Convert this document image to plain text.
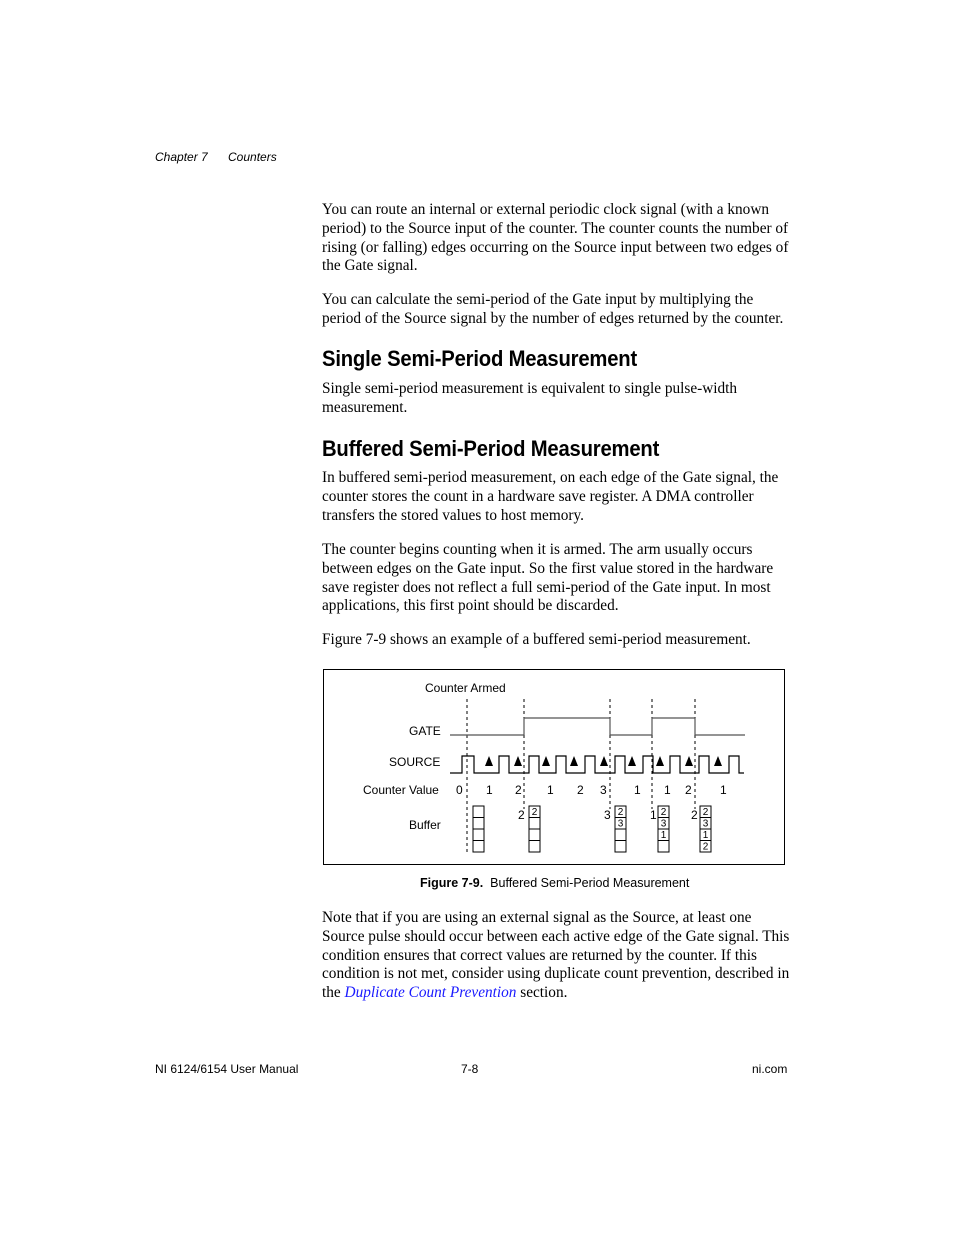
Chapter 7 Counters

You can route an internal or external periodic clock signal (with a known period) to the Source input of the counter. The counter counts the number of rising (or falling) edges occurring on the Source input between two edges of the Gate signal.

You can calculate the semi-period of the Gate input by multiplying the period of the Source signal by the number of edges returned by the counter.

Single Semi-Period Measurement

Single semi-period measurement is equivalent to single pulse-width measurement.

Buffered Semi-Period Measurement

In buffered semi-period measurement, on each edge of the Gate signal, the counter stores the count in a hardware save register. A DMA controller transfers the stored values to host memory.

The counter begins counting when it is armed. The arm usually occurs between edges on the Gate input. So the first value stored in the hardware save register does not reflect a full semi-period of the Gate input. In most applications, this first point should be discarded.

Figure 7-9 shows an example of a buffered semi-period measurement.

Counter Armed
GATE
SOURCE
Counter Value
Buffer
0 1 2 1 2 3 1 1 2 1
2	3	1	2
2	2
3
2
3
1
2
3
1
2
Figure 7-9. Buffered Semi-Period Measurement

Note that if you are using an external signal as the Source, at least one Source pulse should occur between each active edge of the Gate signal. This condition ensures that correct values are returned by the counter. If this condition is not met, consider using duplicate count prevention, described in the Duplicate Count Prevention section.

NI 6124/6154 User Manual	7-8	ni.com
